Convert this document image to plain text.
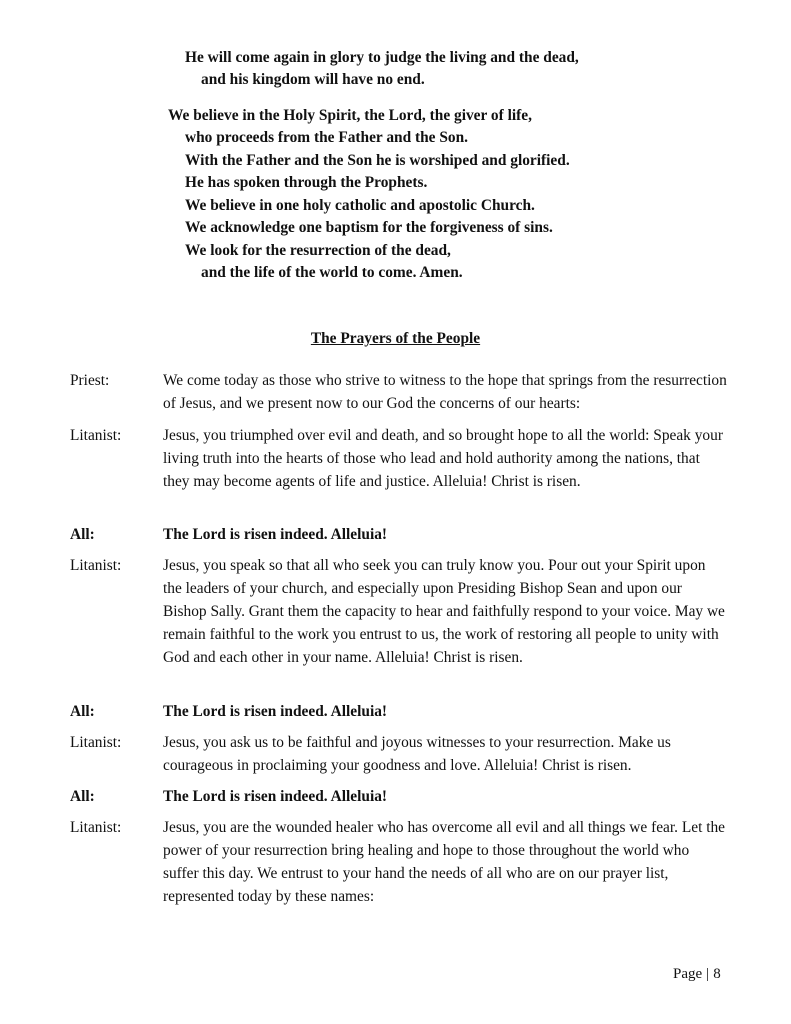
He will come again in glory to judge the living and the dead,
and his kingdom will have no end.
We believe in the Holy Spirit, the Lord, the giver of life,
who proceeds from the Father and the Son.
With the Father and the Son he is worshiped and glorified.
He has spoken through the Prophets.
We believe in one holy catholic and apostolic Church.
We acknowledge one baptism for the forgiveness of sins.
We look for the resurrection of the dead,
and the life of the world to come. Amen.
The Prayers of the People
Priest:	We come today as those who strive to witness to the hope that springs from the resurrection of Jesus, and we present now to our God the concerns of our hearts:
Litanist:	Jesus, you triumphed over evil and death, and so brought hope to all the world: Speak your living truth into the hearts of those who lead and hold authority among the nations, that they may become agents of life and justice. Alleluia! Christ is risen.
All:	The Lord is risen indeed. Alleluia!
Litanist:	Jesus, you speak so that all who seek you can truly know you. Pour out your Spirit upon the leaders of your church, and especially upon Presiding Bishop Sean and upon our Bishop Sally. Grant them the capacity to hear and faithfully respond to your voice. May we remain faithful to the work you entrust to us, the work of restoring all people to unity with God and each other in your name. Alleluia! Christ is risen.
All:	The Lord is risen indeed. Alleluia!
Litanist:	Jesus, you ask us to be faithful and joyous witnesses to your resurrection. Make us courageous in proclaiming your goodness and love. Alleluia! Christ is risen.
All:	The Lord is risen indeed. Alleluia!
Litanist:	Jesus, you are the wounded healer who has overcome all evil and all things we fear. Let the power of your resurrection bring healing and hope to those throughout the world who suffer this day. We entrust to your hand the needs of all who are on our prayer list, represented today by these names:
Page | 8
